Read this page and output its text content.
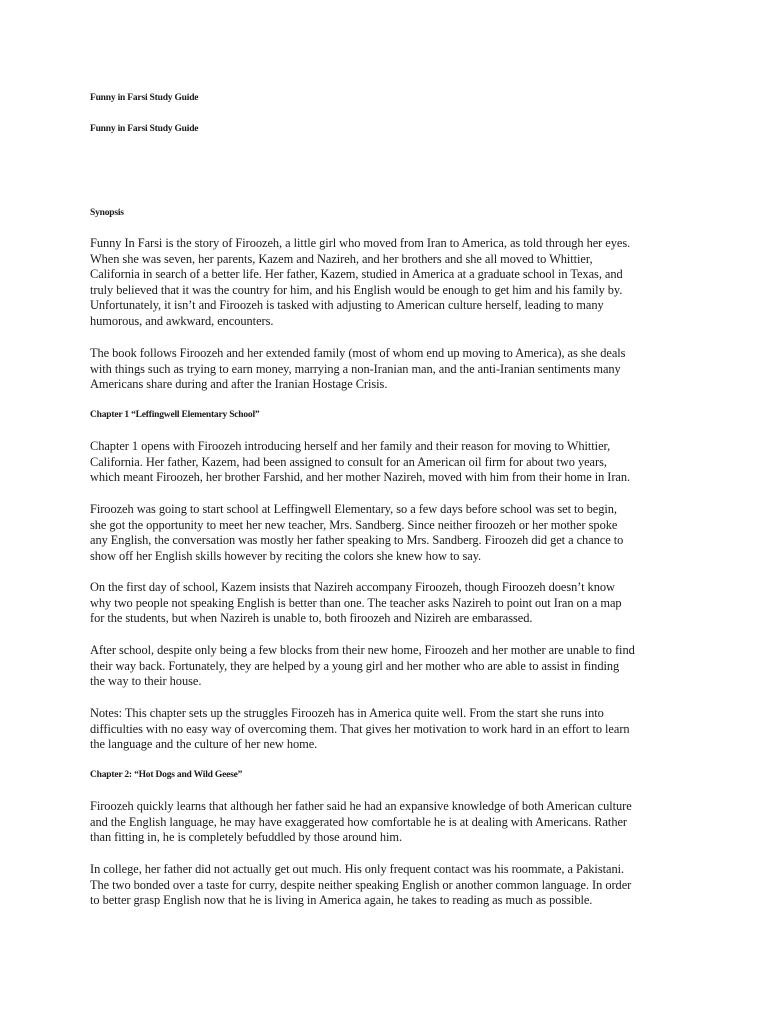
Funny in Farsi Study Guide
Funny in Farsi Study Guide
Synopsis
Funny In Farsi is the story of Firoozeh, a little girl who moved from Iran to America, as told through her eyes.
When she was seven, her parents, Kazem and Nazireh, and her brothers and she all moved to Whittier,
California in search of a better life. Her father, Kazem, studied in America at a graduate school in Texas, and
truly believed that it was the country for him, and his English would be enough to get him and his family by.
Unfortunately, it isn’t and Firoozeh is tasked with adjusting to American culture herself, leading to many
humorous, and awkward, encounters.
The book follows Firoozeh and her extended family (most of whom end up moving to America), as she deals
with things such as trying to earn money, marrying a non-Iranian man, and the anti-Iranian sentiments many
Americans share during and after the Iranian Hostage Crisis.
Chapter 1 “Leffingwell Elementary School”
Chapter 1 opens with Firoozeh introducing herself and her family and their reason for moving to Whittier,
California. Her father, Kazem, had been assigned to consult for an American oil firm for about two years,
which meant Firoozeh, her brother Farshid, and her mother Nazireh, moved with him from their home in Iran.
Firoozeh was going to start school at Leffingwell Elementary, so a few days before school was set to begin,
she got the opportunity to meet her new teacher, Mrs. Sandberg. Since neither firoozeh or her mother spoke
any English, the conversation was mostly her father speaking to Mrs. Sandberg. Firoozeh did get a chance to
show off her English skills however by reciting the colors she knew how to say.
On the first day of school, Kazem insists that Nazireh accompany Firoozeh, though Firoozeh doesn’t know
why two people not speaking English is better than one. The teacher asks Nazireh to point out Iran on a map
for the students, but when Nazireh is unable to, both firoozeh and Nizireh are embarassed.
After school, despite only being a few blocks from their new home, Firoozeh and her mother are unable to find
their way back. Fortunately, they are helped by a young girl and her mother who are able to assist in finding
the way to their house.
Notes: This chapter sets up the struggles Firoozeh has in America quite well. From the start she runs into
difficulties with no easy way of overcoming them. That gives her motivation to work hard in an effort to learn
the language and the culture of her new home.
Chapter 2: “Hot Dogs and Wild Geese”
Firoozeh quickly learns that although her father said he had an expansive knowledge of both American culture
and the English language, he may have exaggerated how comfortable he is at dealing with Americans. Rather
than fitting in, he is completely befuddled by those around him.
In college, her father did not actually get out much. His only frequent contact was his roommate, a Pakistani.
The two bonded over a taste for curry, despite neither speaking English or another common language. In order
to better grasp English now that he is living in America again, he takes to reading as much as possible.
